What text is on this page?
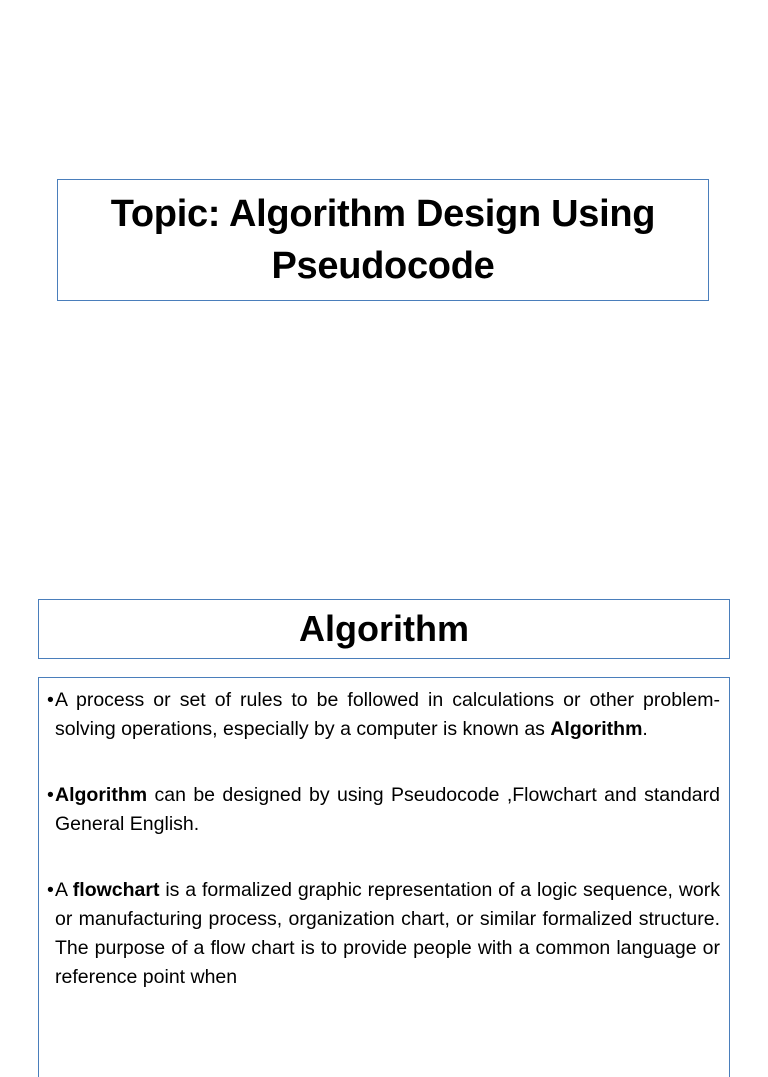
Topic: Algorithm Design Using Pseudocode
Algorithm

• A process or set of rules to be followed in calculations or other problem-solving operations, especially by a computer is known as Algorithm.

• Algorithm can be designed by using Pseudocode ,Flowchart and standard General English.

• A flowchart is a formalized graphic representation of a logic sequence, work or manufacturing process, organization chart, or similar formalized structure. The purpose of a flow chart is to provide people with a common language or reference point when
